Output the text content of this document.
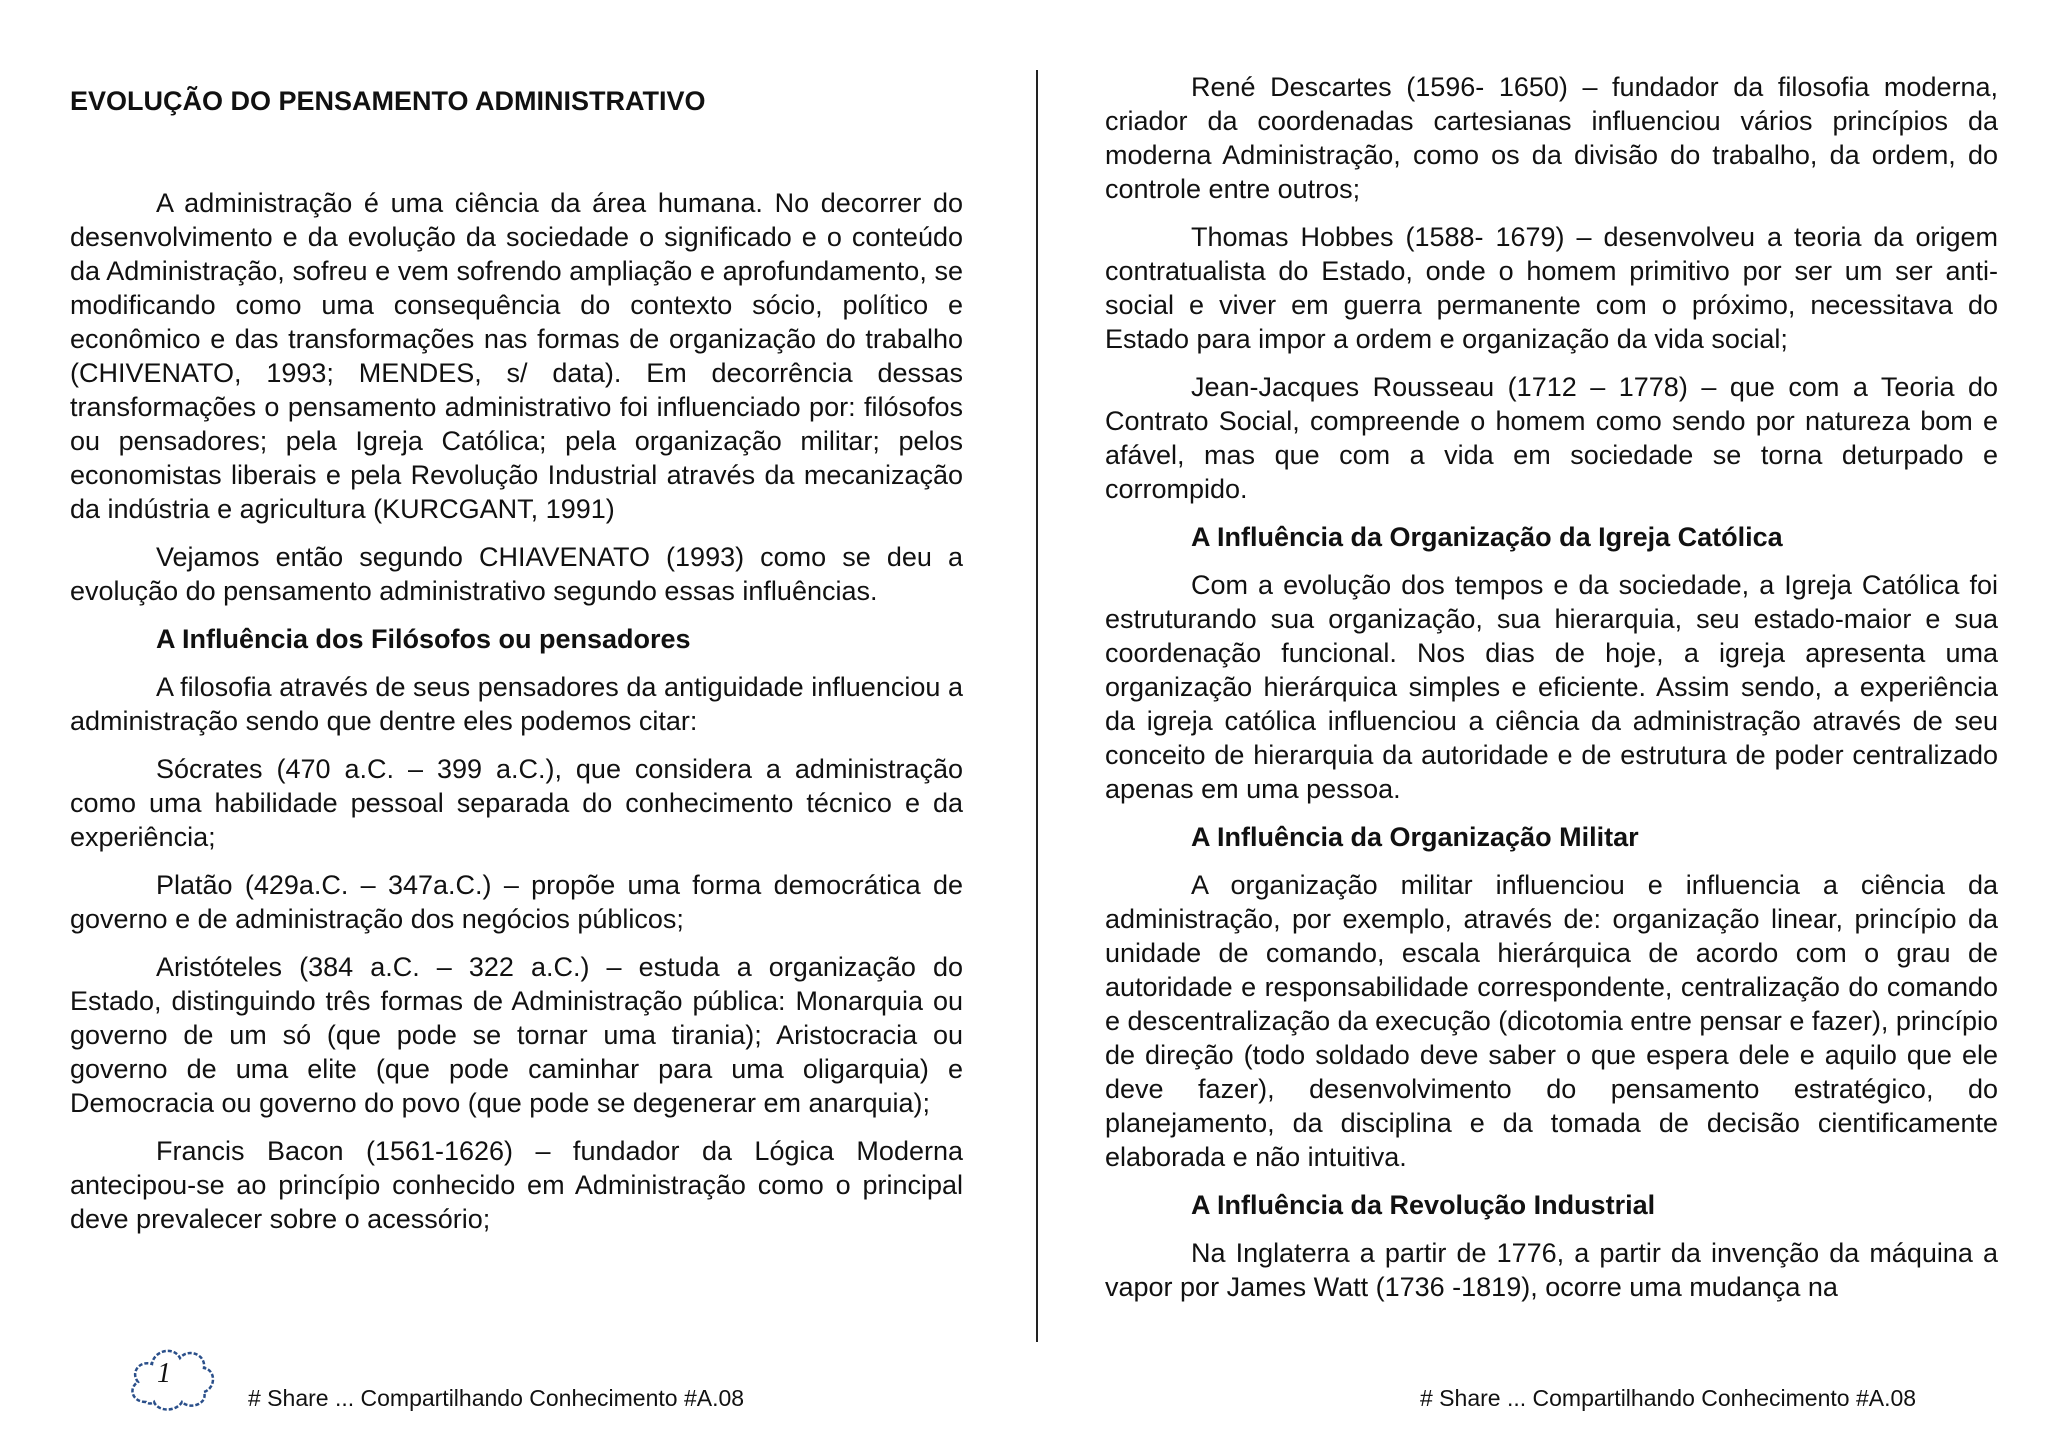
EVOLUÇÃO DO PENSAMENTO ADMINISTRATIVO

A administração é uma ciência da área humana. No decorrer do desenvolvimento e da evolução da sociedade o significado e o conteúdo da Administração, sofreu e vem sofrendo ampliação e aprofundamento, se modificando como uma consequência do contexto sócio, político e econômico e das transformações nas formas de organização do trabalho (CHIVENATO, 1993; MENDES, s/ data). Em decorrência dessas transformações o pensamento administrativo foi influenciado por: filósofos ou pensadores; pela Igreja Católica; pela organização militar; pelos economistas liberais e pela Revolução Industrial através da mecanização da indústria e agricultura (KURCGANT, 1991)

Vejamos então segundo CHIAVENATO (1993) como se deu a evolução do pensamento administrativo segundo essas influências.

A Influência dos Filósofos ou pensadores

A filosofia através de seus pensadores da antiguidade influenciou a administração sendo que dentre eles podemos citar:

Sócrates (470 a.C. – 399 a.C.), que considera a administração como uma habilidade pessoal separada do conhecimento técnico e da experiência;

Platão (429a.C. – 347a.C.) – propõe uma forma democrática de governo e de administração dos negócios públicos;

Aristóteles (384 a.C. – 322 a.C.) – estuda a organização do Estado, distinguindo três formas de Administração pública: Monarquia ou governo de um só (que pode se tornar uma tirania); Aristocracia ou governo de uma elite (que pode caminhar para uma oligarquia) e Democracia ou governo do povo (que pode se degenerar em anarquia);

Francis Bacon (1561-1626) – fundador da Lógica Moderna antecipou-se ao princípio conhecido em Administração como o principal deve prevalecer sobre o acessório;

René Descartes (1596- 1650) – fundador da filosofia moderna, criador da coordenadas cartesianas influenciou vários princípios da moderna Administração, como os da divisão do trabalho, da ordem, do controle entre outros;

Thomas Hobbes (1588- 1679) – desenvolveu a teoria da origem contratualista do Estado, onde o homem primitivo por ser um ser anti-social e viver em guerra permanente com o próximo, necessitava do Estado para impor a ordem e organização da vida social;

Jean-Jacques Rousseau (1712 – 1778) – que com a Teoria do Contrato Social, compreende o homem como sendo por natureza bom e afável, mas que com a vida em sociedade se torna deturpado e corrompido.

A Influência da Organização da Igreja Católica

Com a evolução dos tempos e da sociedade, a Igreja Católica foi estruturando sua organização, sua hierarquia, seu estado-maior e sua coordenação funcional. Nos dias de hoje, a igreja apresenta uma organização hierárquica simples e eficiente. Assim sendo, a experiência da igreja católica influenciou a ciência da administração através de seu conceito de hierarquia da autoridade e de estrutura de poder centralizado apenas em uma pessoa.

A Influência da Organização Militar

A organização militar influenciou e influencia a ciência da administração, por exemplo, através de: organização linear, princípio da unidade de comando, escala hierárquica de acordo com o grau de autoridade e responsabilidade correspondente, centralização do comando e descentralização da execução (dicotomia entre pensar e fazer), princípio de direção (todo soldado deve saber o que espera dele e aquilo que ele deve fazer), desenvolvimento do pensamento estratégico, do planejamento, da disciplina e da tomada de decisão cientificamente elaborada e não intuitiva.

A Influência da Revolução Industrial

Na Inglaterra a partir de 1776, a partir da invenção da máquina a vapor por James Watt (1736 -1819), ocorre uma mudança na

1
# Share ... Compartilhando Conhecimento #A.08	# Share ... Compartilhando Conhecimento #A.08
